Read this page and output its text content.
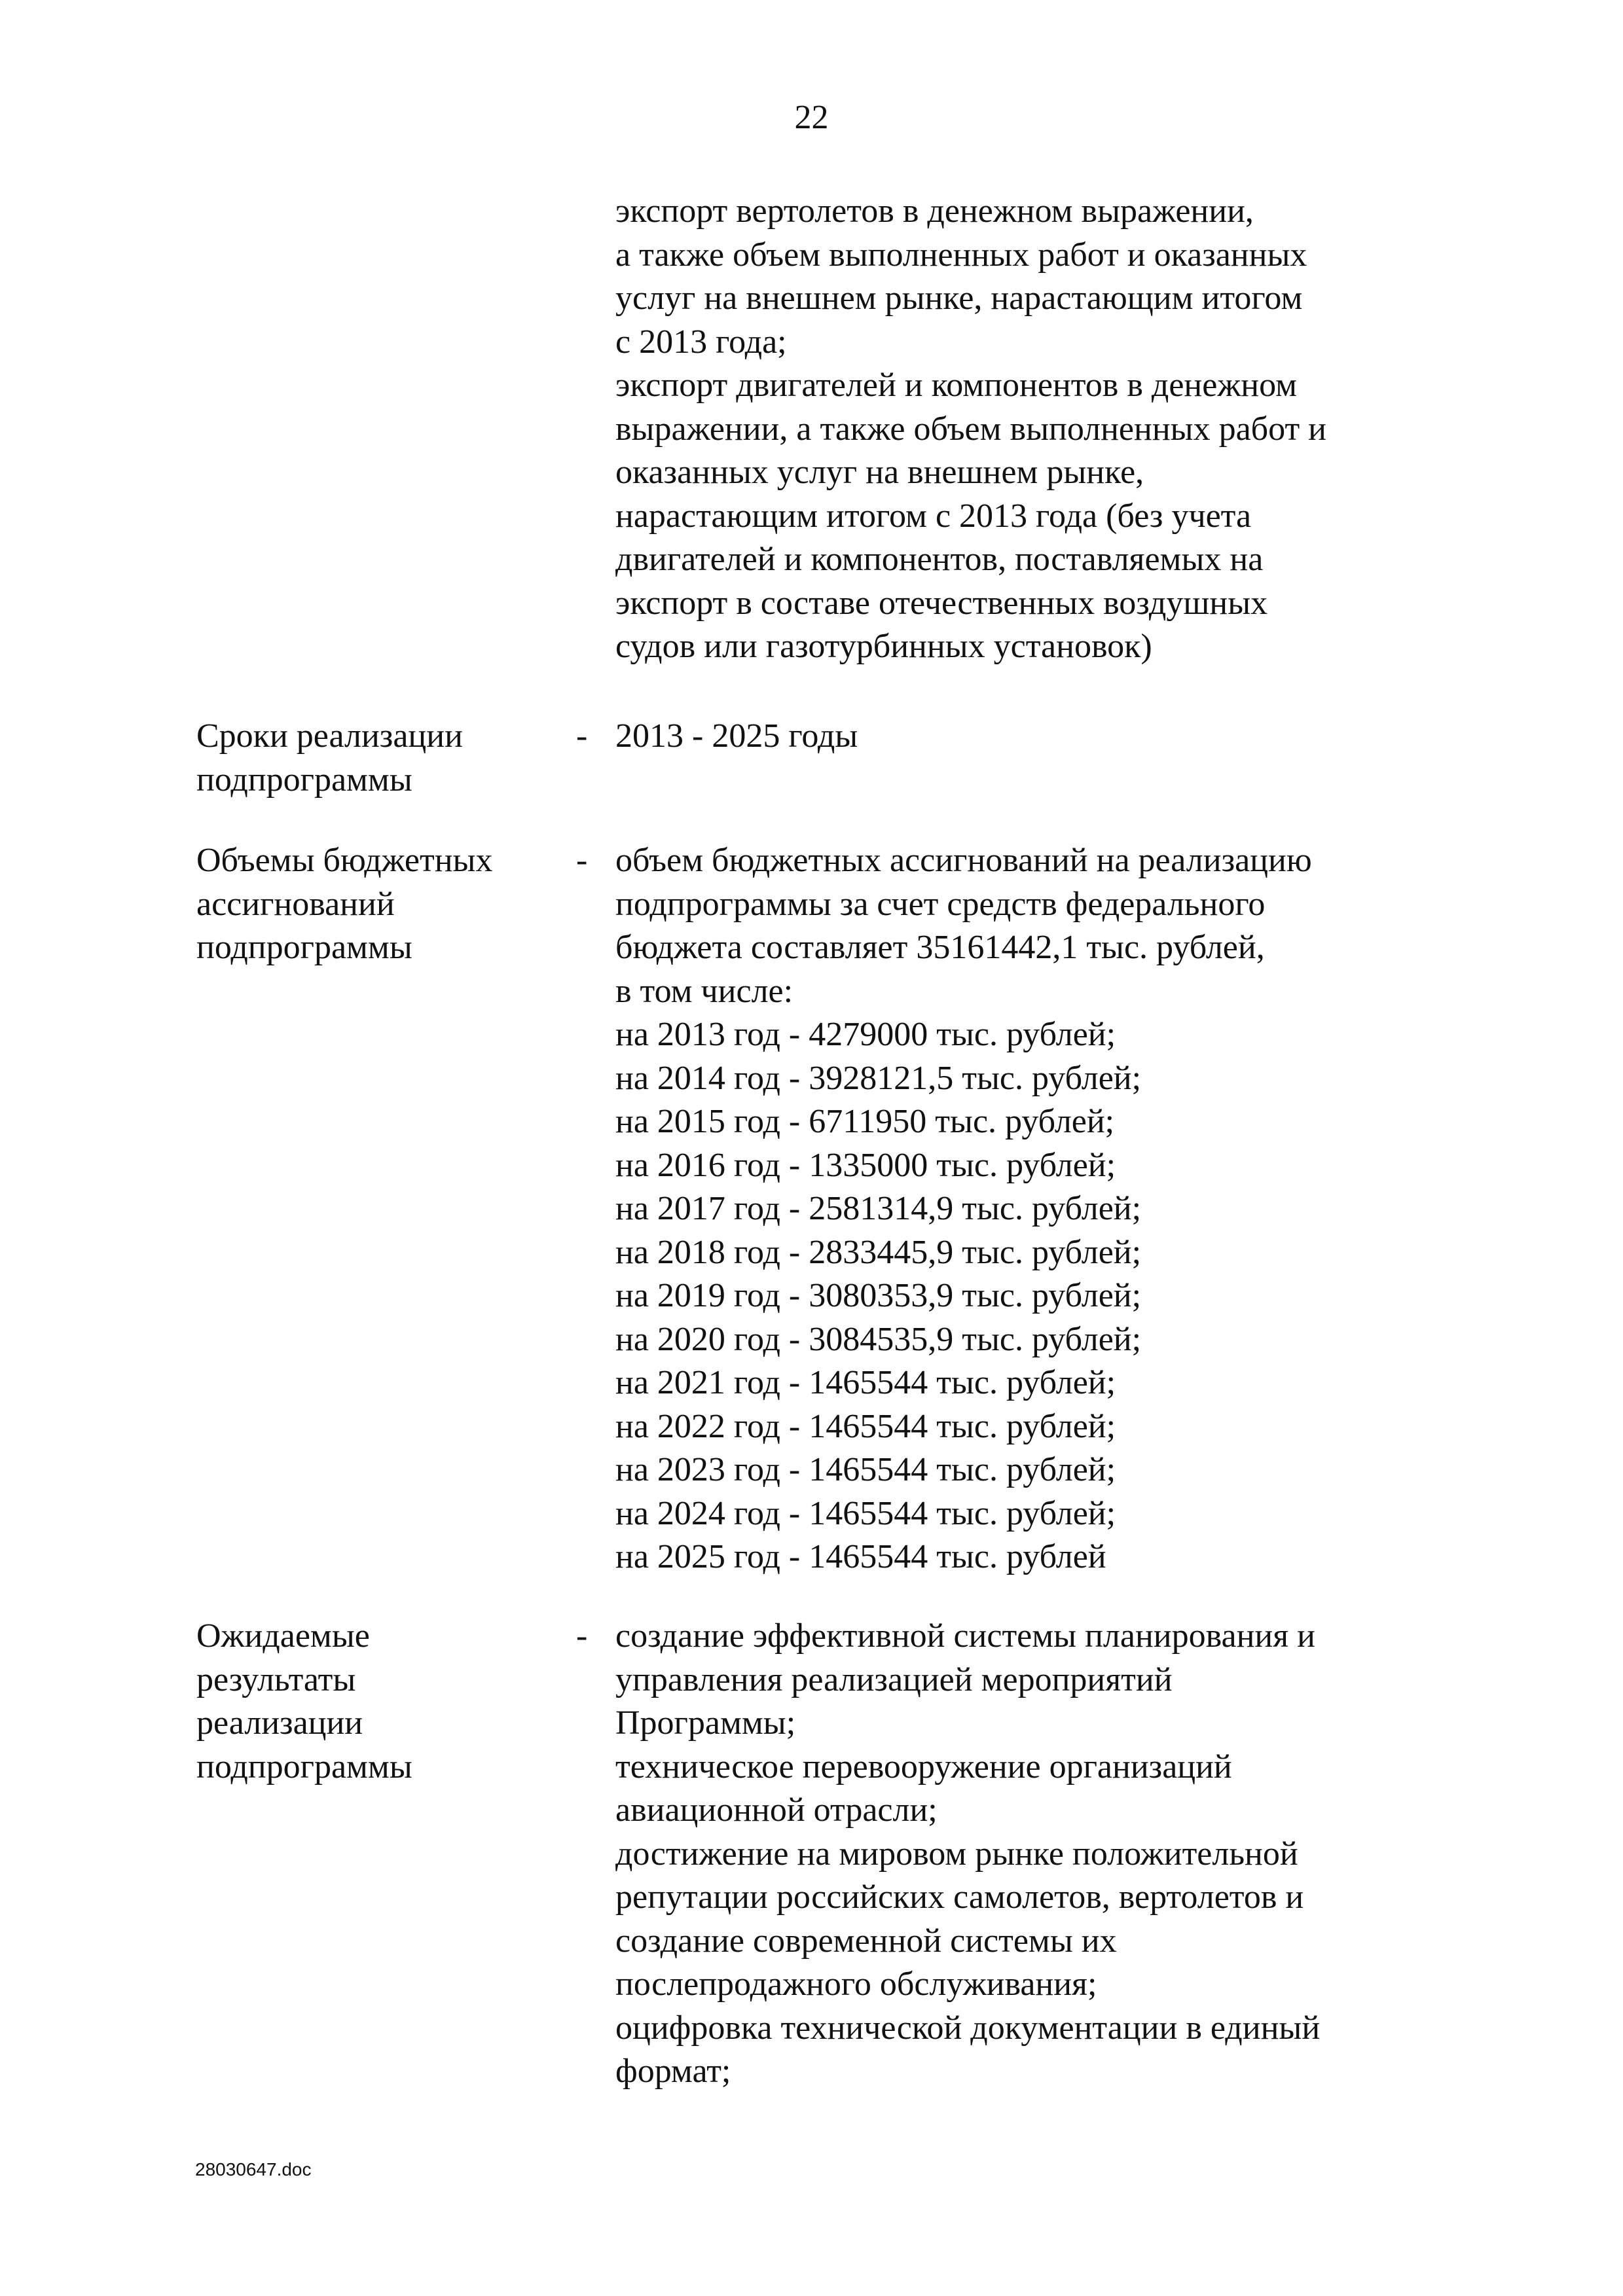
22
экспорт вертолетов в денежном выражении,
а также объем выполненных работ и оказанных
услуг на внешнем рынке, нарастающим итогом
с 2013 года;
экспорт двигателей и компонентов в денежном
выражении, а также объем выполненных работ и
оказанных услуг на внешнем рынке,
нарастающим итогом с 2013 года (без учета
двигателей и компонентов, поставляемых на
экспорт в составе отечественных воздушных
судов или газотурбинных установок)
Сроки реализации
подпрограммы
- 2013 - 2025 годы
Объемы бюджетных
ассигнований
подпрограммы
- объем бюджетных ассигнований на реализацию
подпрограммы за счет средств федерального
бюджета составляет 35161442,1 тыс. рублей,
в том числе:
на 2013 год - 4279000 тыс. рублей;
на 2014 год - 3928121,5 тыс. рублей;
на 2015 год - 6711950 тыс. рублей;
на 2016 год - 1335000 тыс. рублей;
на 2017 год - 2581314,9 тыс. рублей;
на 2018 год - 2833445,9 тыс. рублей;
на 2019 год - 3080353,9 тыс. рублей;
на 2020 год - 3084535,9 тыс. рублей;
на 2021 год - 1465544 тыс. рублей;
на 2022 год - 1465544 тыс. рублей;
на 2023 год - 1465544 тыс. рублей;
на 2024 год - 1465544 тыс. рублей;
на 2025 год - 1465544 тыс. рублей
Ожидаемые
результаты
реализации
подпрограммы
- создание эффективной системы планирования и
управления реализацией мероприятий
Программы;
техническое перевооружение организаций
авиационной отрасли;
достижение на мировом рынке положительной
репутации российских самолетов, вертолетов и
создание современной системы их
послепродажного обслуживания;
оцифровка технической документации в единый
формат;
28030647.doc
